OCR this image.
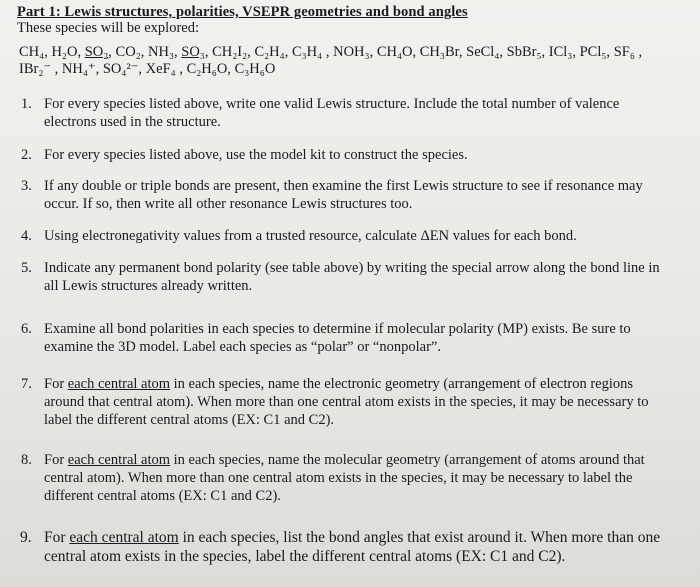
Part 1: Lewis structures, polarities, VSEPR geometries and bond angles
These species will be explored:
CH₄, H₂O, SO₂, CO₂, NH₃, SO₃, CH₂I₂, C₂H₄, C₃H₄ , NOH₃, CH₄O, CH₃Br, SeCl₄, SbBr₅, ICl₃, PCl₅, SF₆ , IBr₂⁻ , NH₄⁺, SO₄²⁻, XeF₄ , C₂H₆O, C₃H₆O
1. For every species listed above, write one valid Lewis structure. Include the total number of valence electrons used in the structure.
2. For every species listed above, use the model kit to construct the species.
3. If any double or triple bonds are present, then examine the first Lewis structure to see if resonance may occur. If so, then write all other resonance Lewis structures too.
4. Using electronegativity values from a trusted resource, calculate ΔEN values for each bond.
5. Indicate any permanent bond polarity (see table above) by writing the special arrow along the bond line in all Lewis structures already written.
6. Examine all bond polarities in each species to determine if molecular polarity (MP) exists. Be sure to examine the 3D model. Label each species as “polar” or “nonpolar”.
7. For each central atom in each species, name the electronic geometry (arrangement of electron regions around that central atom). When more than one central atom exists in the species, it may be necessary to label the different central atoms (EX: C1 and C2).
8. For each central atom in each species, name the molecular geometry (arrangement of atoms around that central atom). When more than one central atom exists in the species, it may be necessary to label the different central atoms (EX: C1 and C2).
9. For each central atom in each species, list the bond angles that exist around it. When more than one central atom exists in the species, label the different central atoms (EX: C1 and C2).
